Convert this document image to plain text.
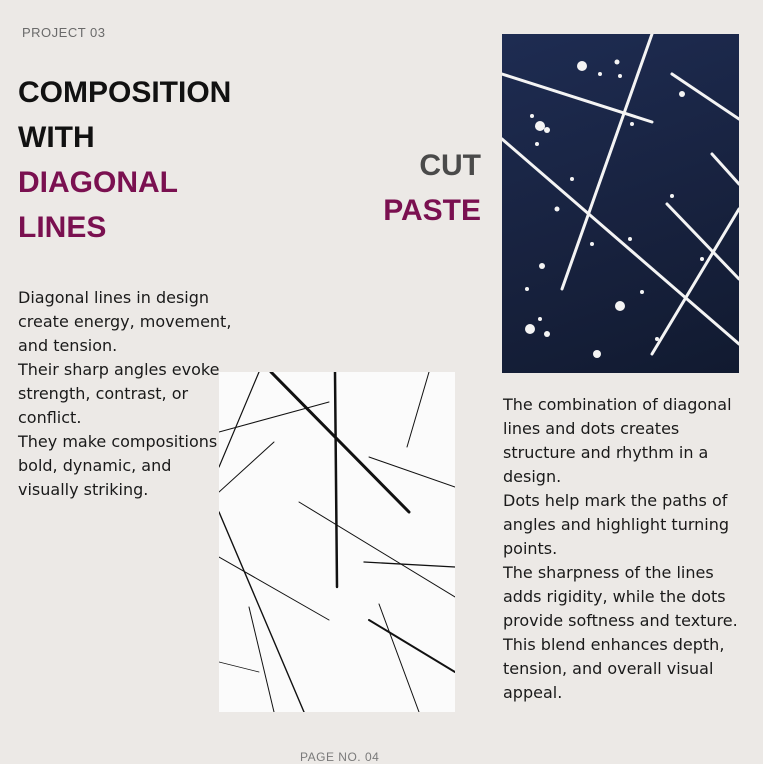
PROJECT 03
COMPOSITION
WITH
DIAGONAL
LINES
CUT
PASTE

Diagonal lines in design create energy, movement, and tension.
Their sharp angles evoke strength, contrast, or conflict.
They make compositions bold, dynamic, and visually striking.

The combination of diagonal lines and dots creates structure and rhythm in a design.
Dots help mark the paths of angles and highlight turning points.
The sharpness of the lines adds rigidity, while the dots provide softness and texture.
This blend enhances depth, tension, and overall visual appeal.

PAGE NO. 04
